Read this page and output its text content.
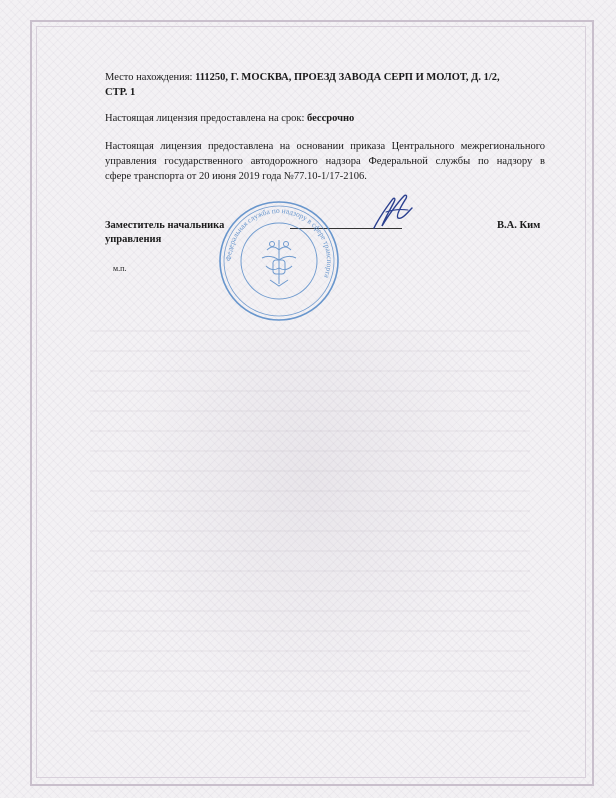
Место нахождения: 111250, Г. МОСКВА, ПРОЕЗД ЗАВОДА СЕРП И МОЛОТ, Д. 1/2,
СТР. 1
Настоящая лицензия предоставлена на срок: бессрочно
Настоящая лицензия предоставлена на основании приказа Центрального межрегионального
управления государственного автодорожного надзора Федеральной службы по надзору в
сфере транспорта от 20 июня 2019 года №77.10-1/17-2106.
Заместитель начальника
управления
В.А. Ким
м.п.
Федеральная служба по надзору в сфере транспорта
